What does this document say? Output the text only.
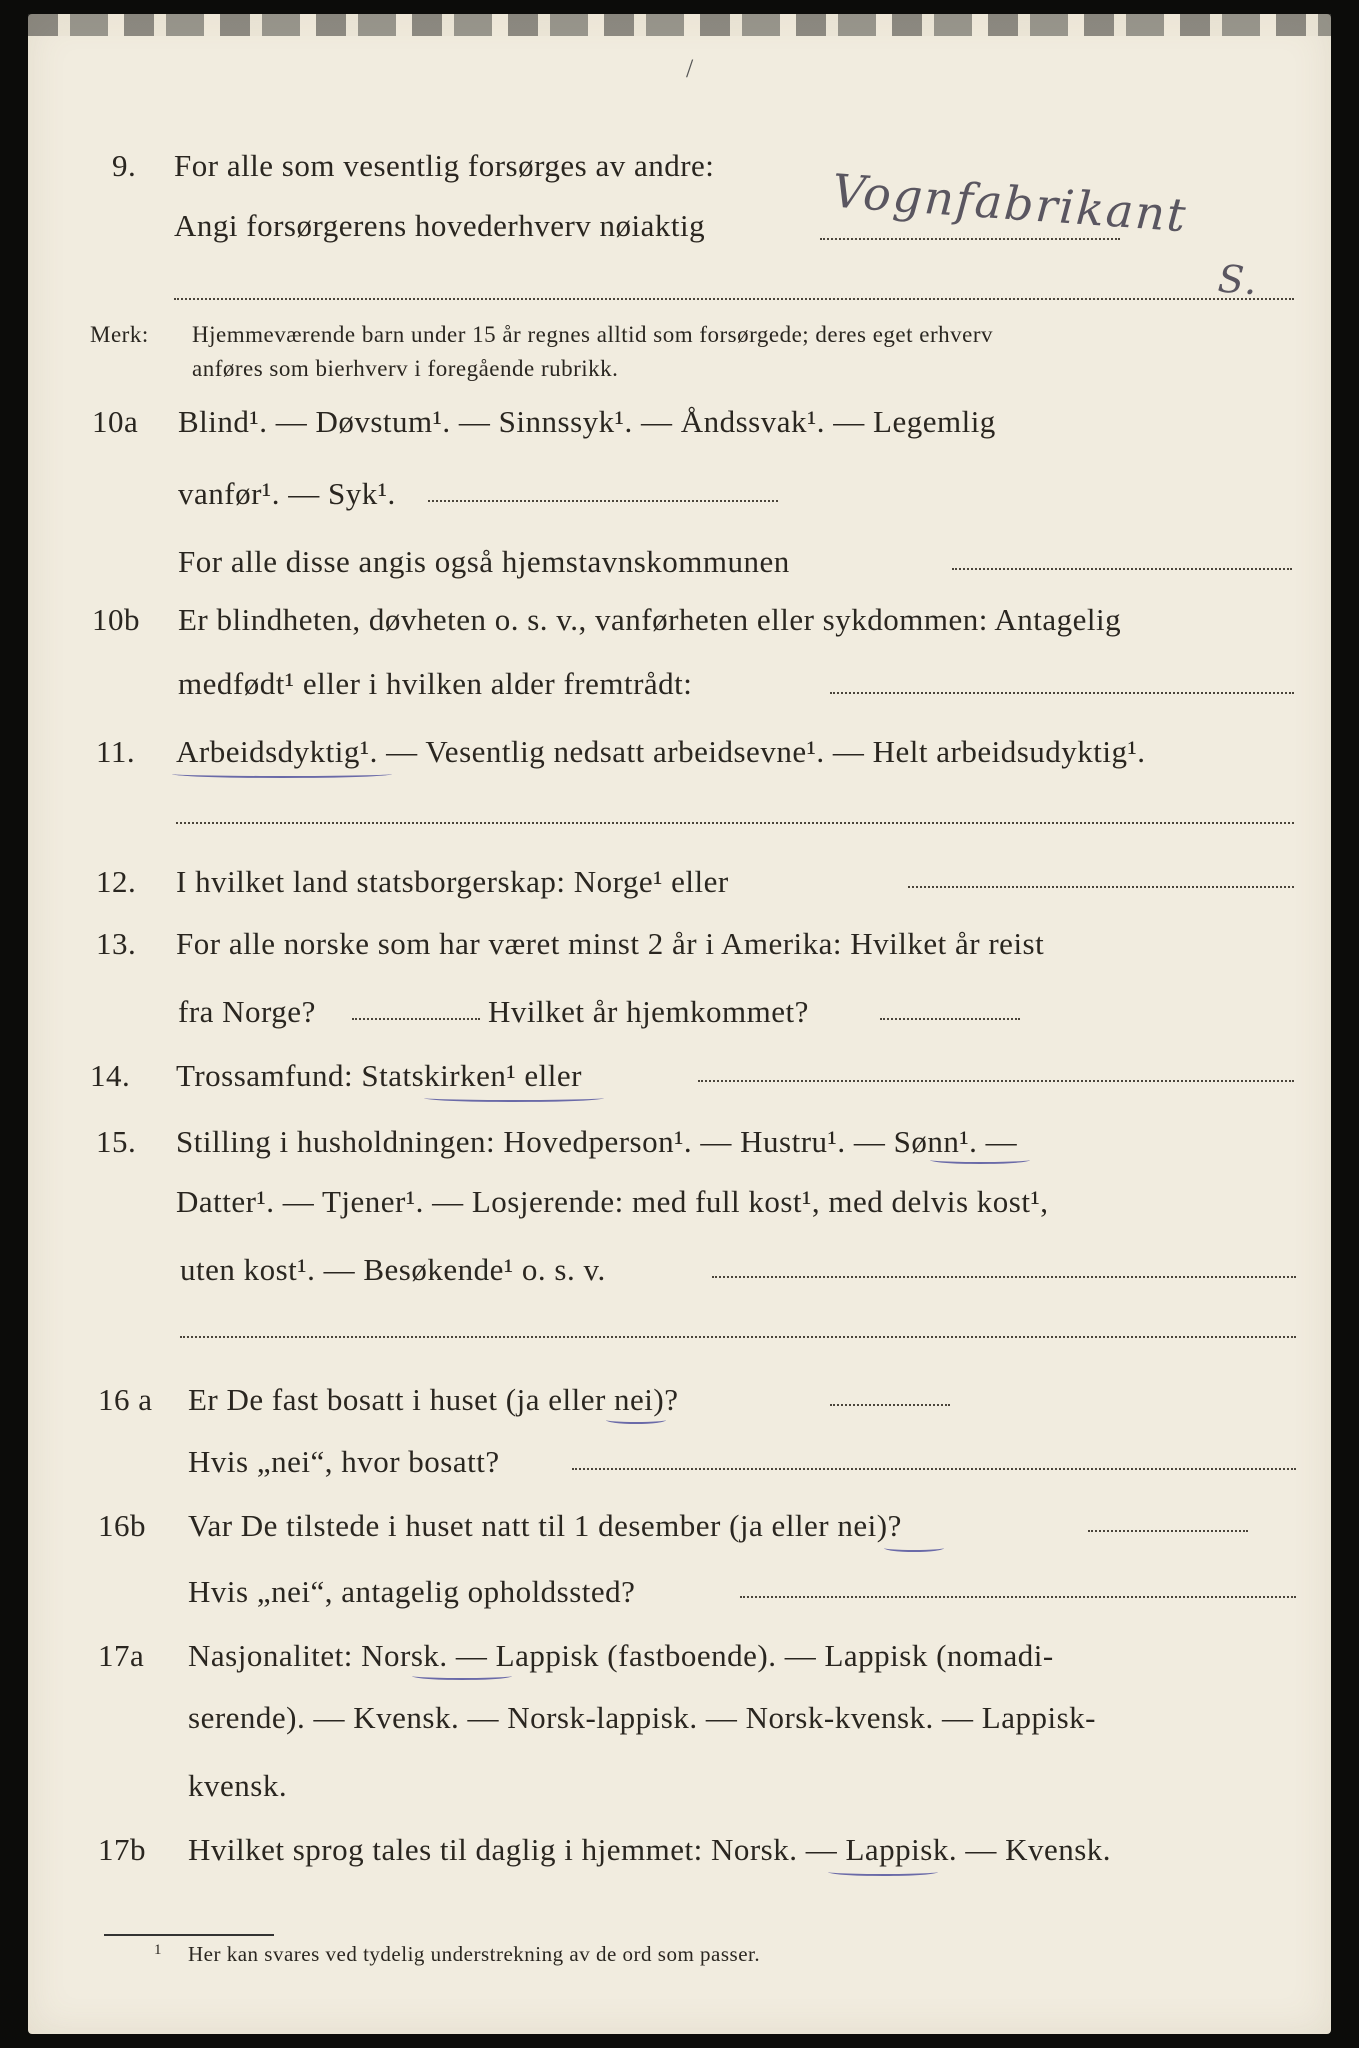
/
9. For alle som vesentlig forsørges av andre:
Angi forsørgerens hovederhverv nøiaktig	Vognfabrikant
S.
Merk: Hjemmeværende barn under 15 år regnes alltid som forsørgede; deres eget erhverv
anføres som bierhverv i foregående rubrikk.
10a Blind¹. — Døvstum¹. — Sinnssyk¹. — Åndssvak¹. — Legemlig
vanfør¹. — Syk¹.
For alle disse angis også hjemstavnskommunen
10b Er blindheten, døvheten o. s. v., vanførheten eller sykdommen: Antagelig
medfødt¹ eller i hvilken alder fremtrådt:
11. Arbeidsdyktig¹. — Vesentlig nedsatt arbeidsevne¹. — Helt arbeidsudyktig¹.
12. I hvilket land statsborgerskap: Norge¹ eller
13. For alle norske som har været minst 2 år i Amerika: Hvilket år reist
fra Norge?	Hvilket år hjemkommet?
14. Trossamfund: Statskirken¹ eller
15. Stilling i husholdningen: Hovedperson¹. — Hustru¹. — Sønn¹. —
Datter¹. — Tjener¹. — Losjerende: med full kost¹, med delvis kost¹,
uten kost¹. — Besøkende¹ o. s. v.
16 a Er De fast bosatt i huset (ja eller nei)?
Hvis „nei“, hvor bosatt?
16b Var De tilstede i huset natt til 1 desember (ja eller nei)?
Hvis „nei“, antagelig opholdssted?
17a Nasjonalitet: Norsk. — Lappisk (fastboende). — Lappisk (nomadi-
serende). — Kvensk. — Norsk-lappisk. — Norsk-kvensk. — Lappisk-
kvensk.
17b Hvilket sprog tales til daglig i hjemmet: Norsk. — Lappisk. — Kvensk.
1 Her kan svares ved tydelig understrekning av de ord som passer.
